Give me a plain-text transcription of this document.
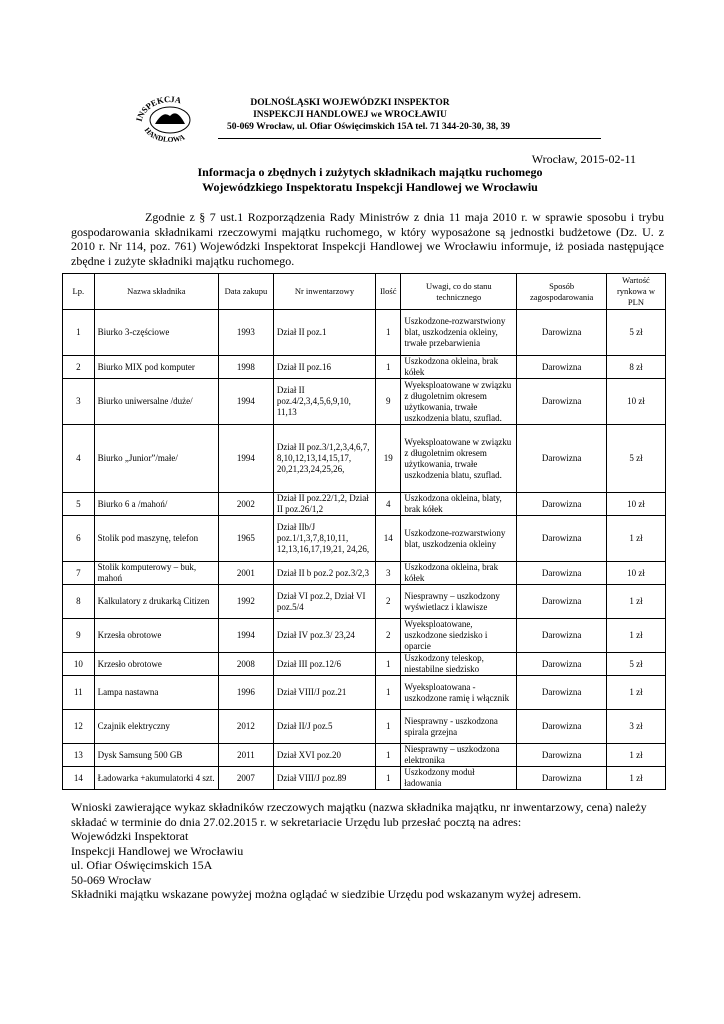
INSPEKCJA
HANDLOWA
DOLNOŚLĄSKI WOJEWÓDZKI INSPEKTOR
INSPEKCJI HANDLOWEJ we WROCŁAWIU
50-069 Wrocław, ul. Ofiar Oświęcimskich 15A tel. 71 344-20-30, 38, 39
Wrocław, 2015-02-11
Informacja o zbędnych i zużytych składnikach majątku ruchomego
Wojewódzkiego Inspektoratu Inspekcji Handlowej we Wrocławiu
Zgodnie z § 7 ust.1 Rozporządzenia Rady Ministrów z dnia 11 maja 2010 r. w sprawie sposobu i trybu gospodarowania składnikami rzeczowymi majątku ruchomego, w który wyposażone są jednostki budżetowe (Dz. U. z 2010 r. Nr 114, poz. 761) Wojewódzki Inspektorat Inspekcji Handlowej we Wrocławiu informuje, iż posiada następujące zbędne i zużyte składniki majątku ruchomego.
Lp.	Nazwa składnika	Data zakupu	Nr inwentarzowy	Ilość	Uwagi, co do stanu technicznego	Sposób zagospodarowania	Wartość rynkowa w PLN
1	Biurko 3-częściowe	1993	Dział II poz.1	1	Uszkodzone-rozwarstwiony blat, uszkodzenia okleiny, trwałe przebarwienia	Darowizna	5 zł
2	Biurko MIX pod komputer	1998	Dział II poz.16	1	Uszkodzona okleina, brak kółek	Darowizna	8 zł
3	Biurko uniwersalne /duże/	1994	Dział II poz.4/2,3,4,5,6,9,10, 11,13	9	Wyeksploatowane w związku z długoletnim okresem użytkowania, trwałe uszkodzenia blatu, szuflad.	Darowizna	10 zł
4	Biurko „Junior”/małe/	1994	Dział II poz.3/1,2,3,4,6,7, 8,10,12,13,14,15,17, 20,21,23,24,25,26,	19	Wyeksploatowane w związku z długoletnim okresem użytkowania, trwałe uszkodzenia blatu, szuflad.	Darowizna	5 zł
5	Biurko 6 a /mahoń/	2002	Dział II poz.22/1,2, Dział II poz.26/1,2	4	Uszkodzona okleina, blaty, brak kółek	Darowizna	10 zł
6	Stolik pod maszynę, telefon	1965	Dział IIb/J poz.1/1,3,7,8,10,11, 12,13,16,17,19,21, 24,26,	14	Uszkodzone-rozwarstwiony blat, uszkodzenia okleiny	Darowizna	1 zł
7	Stolik komputerowy – buk, mahoń	2001	Dział II b poz.2 poz.3/2,3	3	Uszkodzona okleina, brak kółek	Darowizna	10 zł
8	Kalkulatory z drukarką Citizen	1992	Dział VI poz.2, Dział VI poz.5/4	2	Niesprawny – uszkodzony wyświetlacz i klawisze	Darowizna	1 zł
9	Krzesła obrotowe	1994	Dział IV poz.3/ 23,24	2	Wyeksploatowane, uszkodzone siedzisko i oparcie	Darowizna	1 zł
10	Krzesło obrotowe	2008	Dział III poz.12/6	1	Uszkodzony teleskop, niestabilne siedzisko	Darowizna	5 zł
11	Lampa nastawna	1996	Dział VIII/J poz.21	1	Wyeksploatowana - uszkodzone ramię i włącznik	Darowizna	1 zł
12	Czajnik elektryczny	2012	Dział II/J poz.5	1	Niesprawny - uszkodzona spirala grzejna	Darowizna	3 zł
13	Dysk Samsung 500 GB	2011	Dział XVI poz.20	1	Niesprawny – uszkodzona elektronika	Darowizna	1 zł
14	Ładowarka +akumulatorki 4 szt.	2007	Dział VIII/J poz.89	1	Uszkodzony moduł ładowania	Darowizna	1 zł
Wnioski zawierające wykaz składników rzeczowych majątku (nazwa składnika majątku, nr inwentarzowy, cena) należy
składać w terminie do dnia 27.02.2015 r. w sekretariacie Urzędu lub przesłać pocztą na adres:
Wojewódzki Inspektorat
Inspekcji Handlowej we Wrocławiu
ul. Ofiar Oświęcimskich 15A
50-069 Wrocław
Składniki majątku wskazane powyżej można oglądać w siedzibie Urzędu pod wskazanym wyżej adresem.
